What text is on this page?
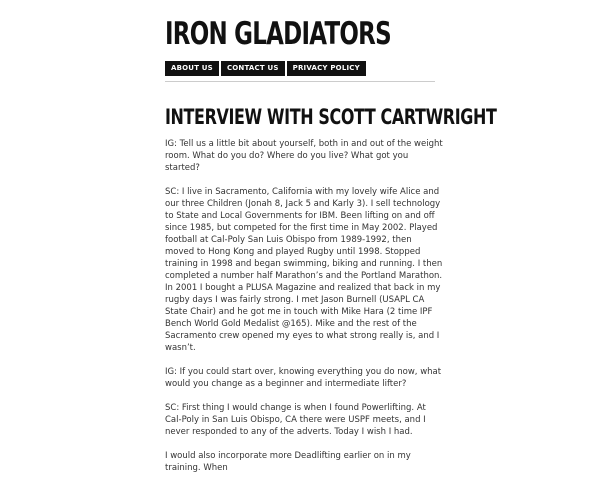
IRON GLADIATORS
ABOUT US	CONTACT US	PRIVACY POLICY
INTERVIEW WITH SCOTT CARTWRIGHT

IG: Tell us a little bit about yourself, both in and out of the weight room. What do you do? Where do you live? What got you started?

SC: I live in Sacramento, California with my lovely wife Alice and our three Children (Jonah 8, Jack 5 and Karly 3). I sell technology to State and Local Governments for IBM. Been lifting on and off since 1985, but competed for the first time in May 2002. Played football at Cal-Poly San Luis Obispo from 1989-1992, then moved to Hong Kong and played Rugby until 1998. Stopped training in 1998 and began swimming, biking and running. I then completed a number half Marathon’s and the Portland Marathon. In 2001 I bought a PLUSA Magazine and realized that back in my rugby days I was fairly strong. I met Jason Burnell (USAPL CA State Chair) and he got me in touch with Mike Hara (2 time IPF Bench World Gold Medalist @165). Mike and the rest of the Sacramento crew opened my eyes to what strong really is, and I wasn’t.

IG: If you could start over, knowing everything you do now, what would you change as a beginner and intermediate lifter?

SC: First thing I would change is when I found Powerlifting. At Cal-Poly in San Luis Obispo, CA there were USPF meets, and I never responded to any of the adverts. Today I wish I had.

I would also incorporate more Deadlifting earlier on in my training. When
